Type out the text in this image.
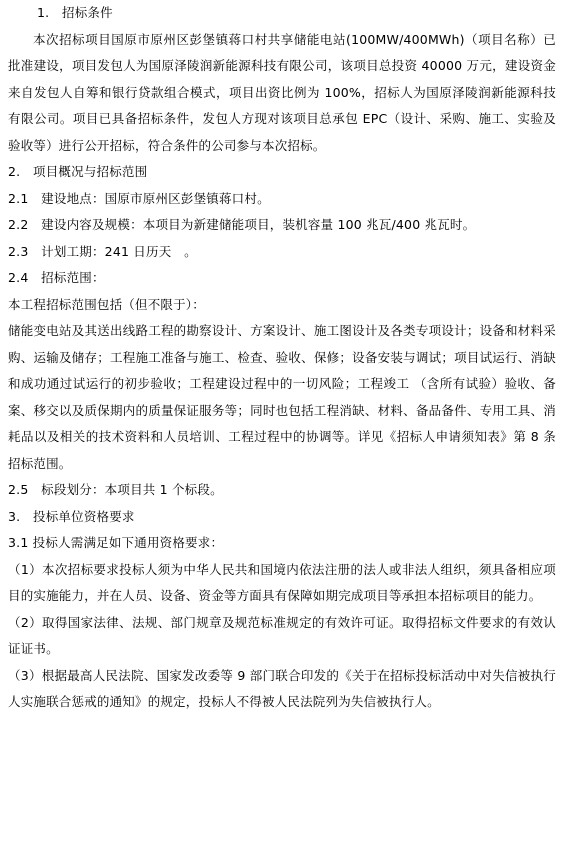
1.　招标条件
本次招标项目国原市原州区彭堡镇蒋口村共享储能电站(100MW/400MWh)（项目名称）已批准建设，项目发包人为国原泽陵润新能源科技有限公司，该项目总投资 40000 万元，建设资金来自发包人自筹和银行贷款组合模式，项目出资比例为 100%，招标人为国原泽陵润新能源科技有限公司。项目已具备招标条件，发包人方现对该项目总承包 EPC（设计、采购、施工、实验及验收等）进行公开招标，符合条件的公司参与本次招标。
2.　项目概况与招标范围
2.1　建设地点：国原市原州区彭堡镇蒋口村。
2.2　建设内容及规模：本项目为新建储能项目，装机容量 100 兆瓦/400 兆瓦时。
2.3　计划工期：241 日历天　。
2.4　招标范围：
本工程招标范围包括（但不限于）：
储能变电站及其送出线路工程的勘察设计、方案设计、施工图设计及各类专项设计；设备和材料采购、运输及储存；工程施工准备与施工、检查、验收、保修；设备安装与调试；项目试运行、消缺和成功通过试运行的初步验收；工程建设过程中的一切风险；工程竣工 （含所有试验）验收、备案、移交以及质保期内的质量保证服务等；同时也包括工程消缺、材料、备品备件、专用工具、消耗品以及相关的技术资料和人员培训、工程过程中的协调等。详见《招标人申请须知表》第 8 条招标范围。
2.5　标段划分：本项目共 1 个标段。
3.　投标单位资格要求
3.1 投标人需满足如下通用资格要求：
（1）本次招标要求投标人须为中华人民共和国境内依法注册的法人或非法人组织，须具备相应项目的实施能力，并在人员、设备、资金等方面具有保障如期完成项目等承担本招标项目的能力。
（2）取得国家法律、法规、部门规章及规范标准规定的有效许可证。取得招标文件要求的有效认证证书。
（3）根据最高人民法院、国家发改委等 9 部门联合印发的《关于在招标投标活动中对失信被执行人实施联合惩戒的通知》的规定，投标人不得被人民法院列为失信被执行人。
